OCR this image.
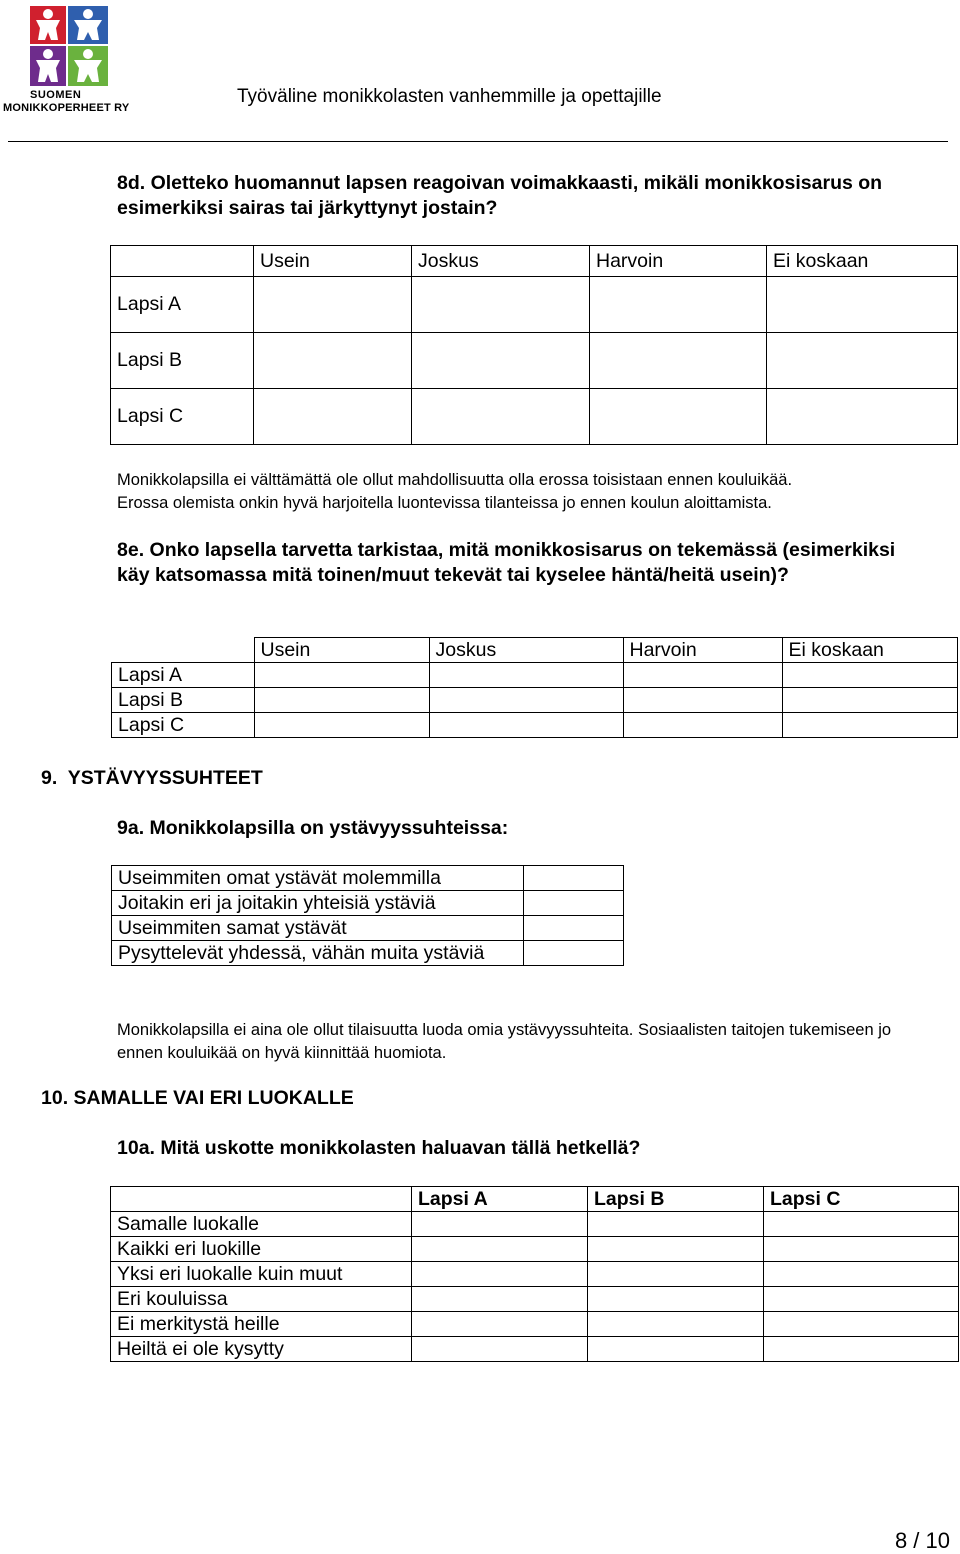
SUOMEN
MONIKKOPERHEET RY
Työväline monikkolasten vanhemmille ja opettajille
8d. Oletteko huomannut lapsen reagoivan voimakkaasti, mikäli monikkosisarus on esimerkiksi sairas tai järkyttynyt jostain?
	Usein	Joskus	Harvoin	Ei koskaan
Lapsi A				
Lapsi B				
Lapsi C				
Monikkolapsilla ei välttämättä ole ollut mahdollisuutta olla erossa toisistaan ennen kouluikää.
Erossa olemista onkin hyvä harjoitella luontevissa tilanteissa jo ennen koulun aloittamista.
8e. Onko lapsella tarvetta tarkistaa, mitä monikkosisarus on tekemässä (esimerkiksi käy katsomassa mitä toinen/muut tekevät tai kyselee häntä/heitä usein)?
	Usein	Joskus	Harvoin	Ei koskaan
Lapsi A				
Lapsi B				
Lapsi C				
9.  YSTÄVYYSSUHTEET
9a. Monikkolapsilla on ystävyyssuhteissa:
Useimmiten omat ystävät molemmilla	
Joitakin eri ja joitakin yhteisiä ystäviä	
Useimmiten samat ystävät	
Pysyttelevät yhdessä, vähän muita ystäviä	
Monikkolapsilla ei aina ole ollut tilaisuutta luoda omia ystävyyssuhteita. Sosiaalisten taitojen tukemiseen jo ennen kouluikää on hyvä kiinnittää huomiota.
10. SAMALLE VAI ERI LUOKALLE
10a. Mitä uskotte monikkolasten haluavan tällä hetkellä?
	Lapsi A	Lapsi B	Lapsi C
Samalle luokalle			
Kaikki eri luokille			
Yksi eri luokalle kuin muut			
Eri kouluissa			
Ei merkitystä heille			
Heiltä ei ole kysytty			
8 / 10
